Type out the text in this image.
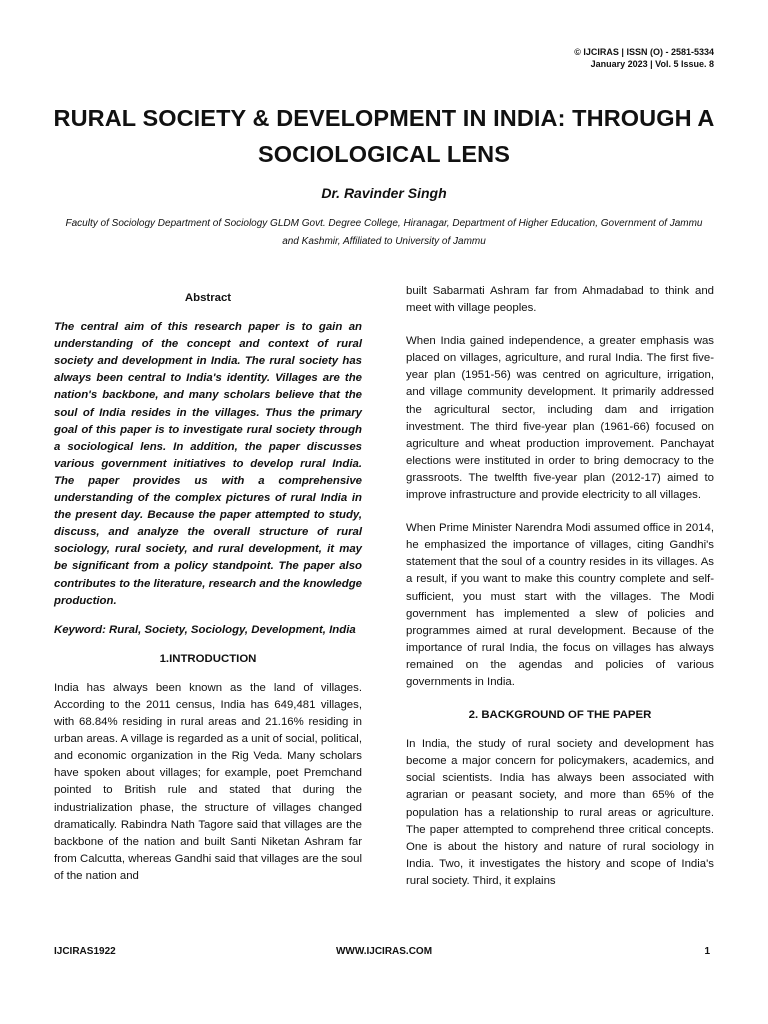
© IJCIRAS | ISSN (O) - 2581-5334
January 2023 | Vol. 5 Issue. 8
RURAL SOCIETY & DEVELOPMENT IN INDIA: THROUGH A SOCIOLOGICAL LENS
Dr. Ravinder Singh
Faculty of Sociology Department of Sociology GLDM Govt. Degree College, Hiranagar, Department of Higher Education, Government of Jammu and Kashmir, Affiliated to University of Jammu
Abstract

The central aim of this research paper is to gain an understanding of the concept and context of rural society and development in India. The rural society has always been central to India's identity. Villages are the nation's backbone, and many scholars believe that the soul of India resides in the villages. Thus the primary goal of this paper is to investigate rural society through a sociological lens. In addition, the paper discusses various government initiatives to develop rural India. The paper provides us with a comprehensive understanding of the complex pictures of rural India in the present day. Because the paper attempted to study, discuss, and analyze the overall structure of rural sociology, rural society, and rural development, it may be significant from a policy standpoint. The paper also contributes to the literature, research and the knowledge production.

Keyword: Rural, Society, Sociology, Development, India

1.INTRODUCTION

India has always been known as the land of villages. According to the 2011 census, India has 649,481 villages, with 68.84% residing in rural areas and 21.16% residing in urban areas. A village is regarded as a unit of social, political, and economic organization in the Rig Veda. Many scholars have spoken about villages; for example, poet Premchand pointed to British rule and stated that during the industrialization phase, the structure of villages changed dramatically. Rabindra Nath Tagore said that villages are the backbone of the nation and built Santi Niketan Ashram far from Calcutta, whereas Gandhi said that villages are the soul of the nation and

built Sabarmati Ashram far from Ahmadabad to think and meet with village peoples.

When India gained independence, a greater emphasis was placed on villages, agriculture, and rural India. The first five-year plan (1951-56) was centred on agriculture, irrigation, and village community development. It primarily addressed the agricultural sector, including dam and irrigation investment. The third five-year plan (1961-66) focused on agriculture and wheat production improvement. Panchayat elections were instituted in order to bring democracy to the grassroots. The twelfth five-year plan (2012-17) aimed to improve infrastructure and provide electricity to all villages.

When Prime Minister Narendra Modi assumed office in 2014, he emphasized the importance of villages, citing Gandhi's statement that the soul of a country resides in its villages. As a result, if you want to make this country complete and self-sufficient, you must start with the villages. The Modi government has implemented a slew of policies and programmes aimed at rural development. Because of the importance of rural India, the focus on villages has always remained on the agendas and policies of various governments in India.

2. BACKGROUND OF THE PAPER

In India, the study of rural society and development has become a major concern for policymakers, academics, and social scientists. India has always been associated with agrarian or peasant society, and more than 65% of the population has a relationship to rural areas or agriculture. The paper attempted to comprehend three critical concepts. One is about the history and nature of rural sociology in India. Two, it investigates the history and scope of India's rural society. Third, it explains

IJCIRAS1922	WWW.IJCIRAS.COM	1
